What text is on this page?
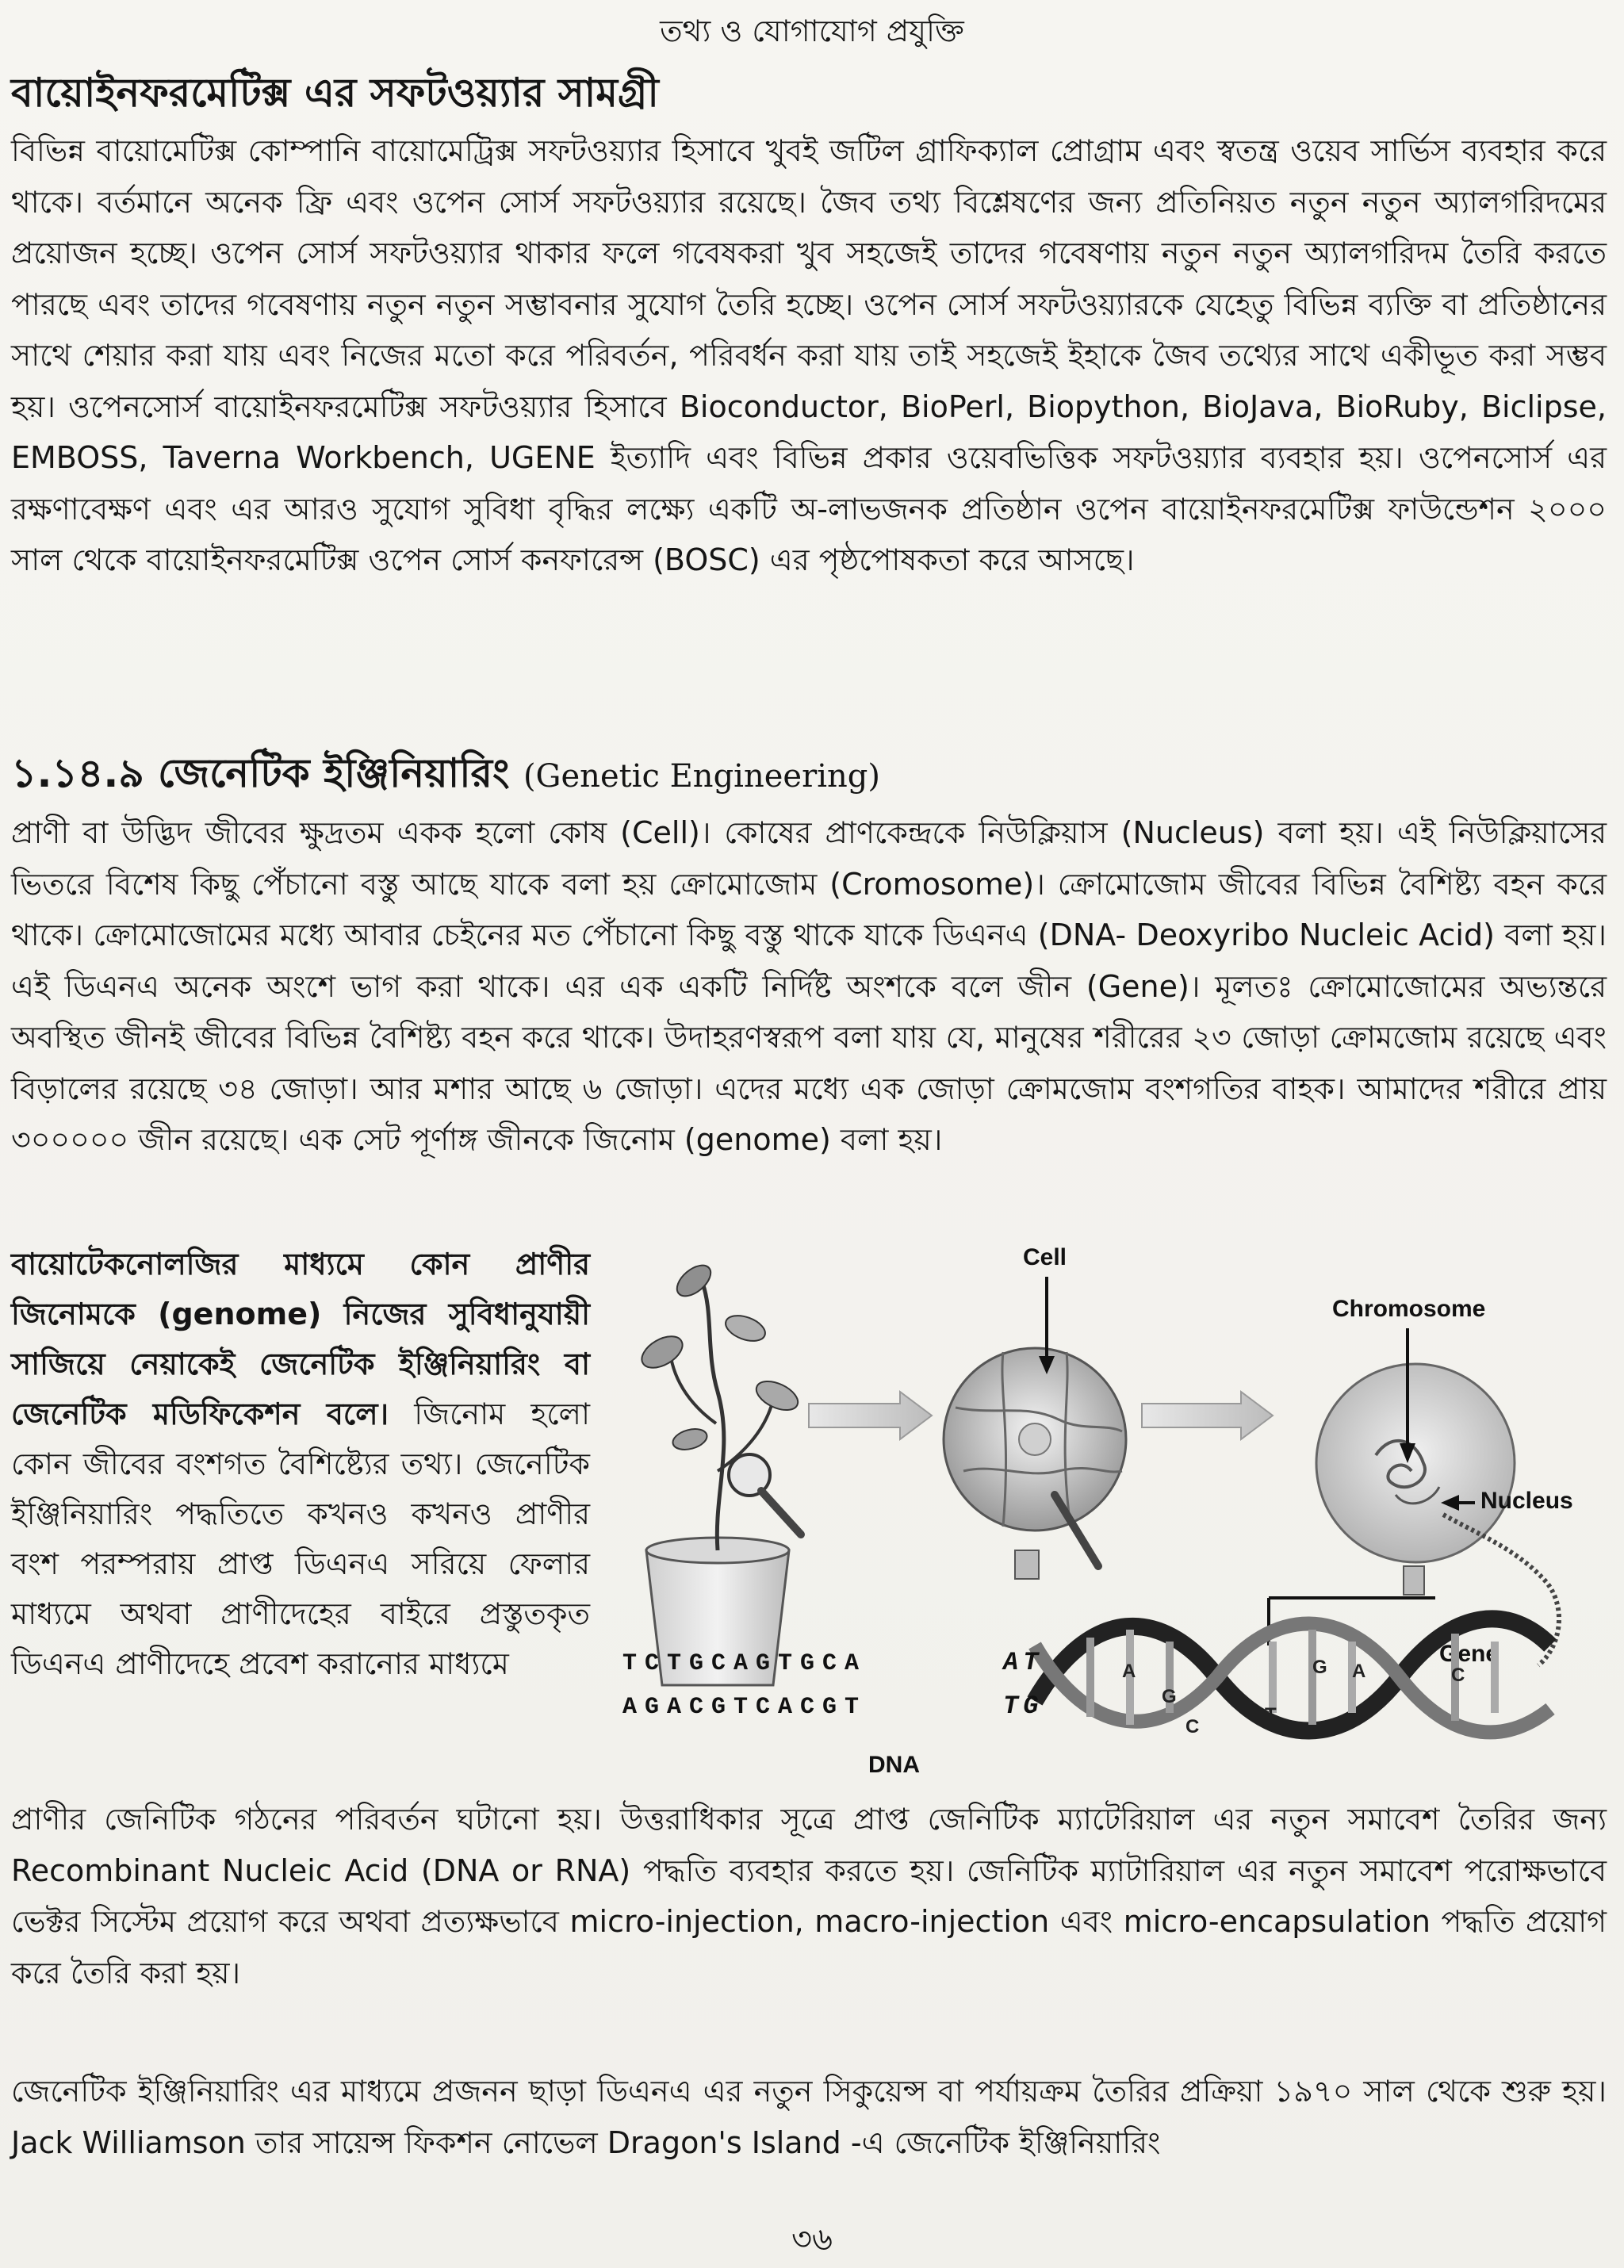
তথ্য ও যোগাযোগ প্রযুক্তি
বায়োইনফরমেটিক্স এর সফটওয়্যার সামগ্রী
বিভিন্ন বায়োমেটিক্স কোম্পানি বায়োমেট্রিক্স সফটওয়্যার হিসাবে খুবই জটিল গ্রাফিক্যাল প্রোগ্রাম এবং স্বতন্ত্র ওয়েব সার্ভিস ব্যবহার করে থাকে। বর্তমানে অনেক ফ্রি এবং ওপেন সোর্স সফটওয়্যার রয়েছে। জৈব তথ্য বিশ্লেষণের জন্য প্রতিনিয়ত নতুন নতুন অ্যালগরিদমের প্রয়োজন হচ্ছে। ওপেন সোর্স সফটওয়্যার থাকার ফলে গবেষকরা খুব সহজেই তাদের গবেষণায় নতুন নতুন অ্যালগরিদম তৈরি করতে পারছে এবং তাদের গবেষণায় নতুন নতুন সম্ভাবনার সুযোগ তৈরি হচ্ছে। ওপেন সোর্স সফটওয়্যারকে যেহেতু বিভিন্ন ব্যক্তি বা প্রতিষ্ঠানের সাথে শেয়ার করা যায় এবং নিজের মতো করে পরিবর্তন, পরিবর্ধন করা যায় তাই সহজেই ইহাকে জৈব তথ্যের সাথে একীভূত করা সম্ভব হয়। ওপেনসোর্স বায়োইনফরমেটিক্স সফটওয়্যার হিসাবে Bioconductor, BioPerl, Biopython, BioJava, BioRuby, Biclipse, EMBOSS, Taverna Workbench, UGENE ইত্যাদি এবং বিভিন্ন প্রকার ওয়েবভিত্তিক সফটওয়্যার ব্যবহার হয়। ওপেনসোর্স এর রক্ষণাবেক্ষণ এবং এর আরও সুযোগ সুবিধা বৃদ্ধির লক্ষ্যে একটি অ-লাভজনক প্রতিষ্ঠান ওপেন বায়োইনফরমেটিক্স ফাউন্ডেশন ২০০০ সাল থেকে বায়োইনফরমেটিক্স ওপেন সোর্স কনফারেন্স (BOSC) এর পৃষ্ঠপোষকতা করে আসছে।
১.১৪.৯ জেনেটিক ইঞ্জিনিয়ারিং (Genetic Engineering)
প্রাণী বা উদ্ভিদ জীবের ক্ষুদ্রতম একক হলো কোষ (Cell)। কোষের প্রাণকেন্দ্রকে নিউক্লিয়াস (Nucleus) বলা হয়। এই নিউক্লিয়াসের ভিতরে বিশেষ কিছু পেঁচানো বস্তু আছে যাকে বলা হয় ক্রোমোজোম (Cromosome)। ক্রোমোজোম জীবের বিভিন্ন বৈশিষ্ট্য বহন করে থাকে। ক্রোমোজোমের মধ্যে আবার চেইনের মত পেঁচানো কিছু বস্তু থাকে যাকে ডিএনএ (DNA- Deoxyribo Nucleic Acid) বলা হয়। এই ডিএনএ অনেক অংশে ভাগ করা থাকে। এর এক একটি নির্দিষ্ট অংশকে বলে জীন (Gene)। মূলতঃ ক্রোমোজোমের অভ্যন্তরে অবস্থিত জীনই জীবের বিভিন্ন বৈশিষ্ট্য বহন করে থাকে। উদাহরণস্বরূপ বলা যায় যে, মানুষের শরীরের ২৩ জোড়া ক্রোমজোম রয়েছে এবং বিড়ালের রয়েছে ৩৪ জোড়া। আর মশার আছে ৬ জোড়া। এদের মধ্যে এক জোড়া ক্রোমজোম বংশগতির বাহক। আমাদের শরীরে প্রায় ৩০০০০০ জীন রয়েছে। এক সেট পূর্ণাঙ্গ জীনকে জিনোম (genome) বলা হয়।
বায়োটেকনোলজির মাধ্যমে কোন প্রাণীর জিনোমকে (genome) নিজের সুবিধানুযায়ী সাজিয়ে নেয়াকেই জেনেটিক ইঞ্জিনিয়ারিং বা জেনেটিক মডিফিকেশন বলে। জিনোম হলো কোন জীবের বংশগত বৈশিষ্ট্যের তথ্য। জেনেটিক ইঞ্জিনিয়ারিং পদ্ধতিতে কখনও কখনও প্রাণীর বংশ পরম্পরায় প্রাপ্ত ডিএনএ সরিয়ে ফেলার মাধ্যমে অথবা প্রাণীদেহের বাইরে প্রস্তুতকৃত ডিএনএ প্রাণীদেহে প্রবেশ করানোর মাধ্যমে
Cell
Chromosome
Nucleus
Gene
A
G
C
T
G A	C
TCTGCAGTGCA	AT
AGACGTCACGT	TG
DNA
প্রাণীর জেনিটিক গঠনের পরিবর্তন ঘটানো হয়। উত্তরাধিকার সূত্রে প্রাপ্ত জেনিটিক ম্যাটেরিয়াল এর নতুন সমাবেশ তৈরির জন্য Recombinant Nucleic Acid (DNA or RNA) পদ্ধতি ব্যবহার করতে হয়। জেনিটিক ম্যাটারিয়াল এর নতুন সমাবেশ পরোক্ষভাবে ভেক্টর সিস্টেম প্রয়োগ করে অথবা প্রত্যক্ষভাবে micro-injection, macro-injection এবং micro-encapsulation পদ্ধতি প্রয়োগ করে তৈরি করা হয়।
জেনেটিক ইঞ্জিনিয়ারিং এর মাধ্যমে প্রজনন ছাড়া ডিএনএ এর নতুন সিকুয়েন্স বা পর্যায়ক্রম তৈরির প্রক্রিয়া ১৯৭০ সাল থেকে শুরু হয়। Jack Williamson তার সায়েন্স ফিকশন নোভেল Dragon's Island -এ জেনেটিক ইঞ্জিনিয়ারিং
৩৬
